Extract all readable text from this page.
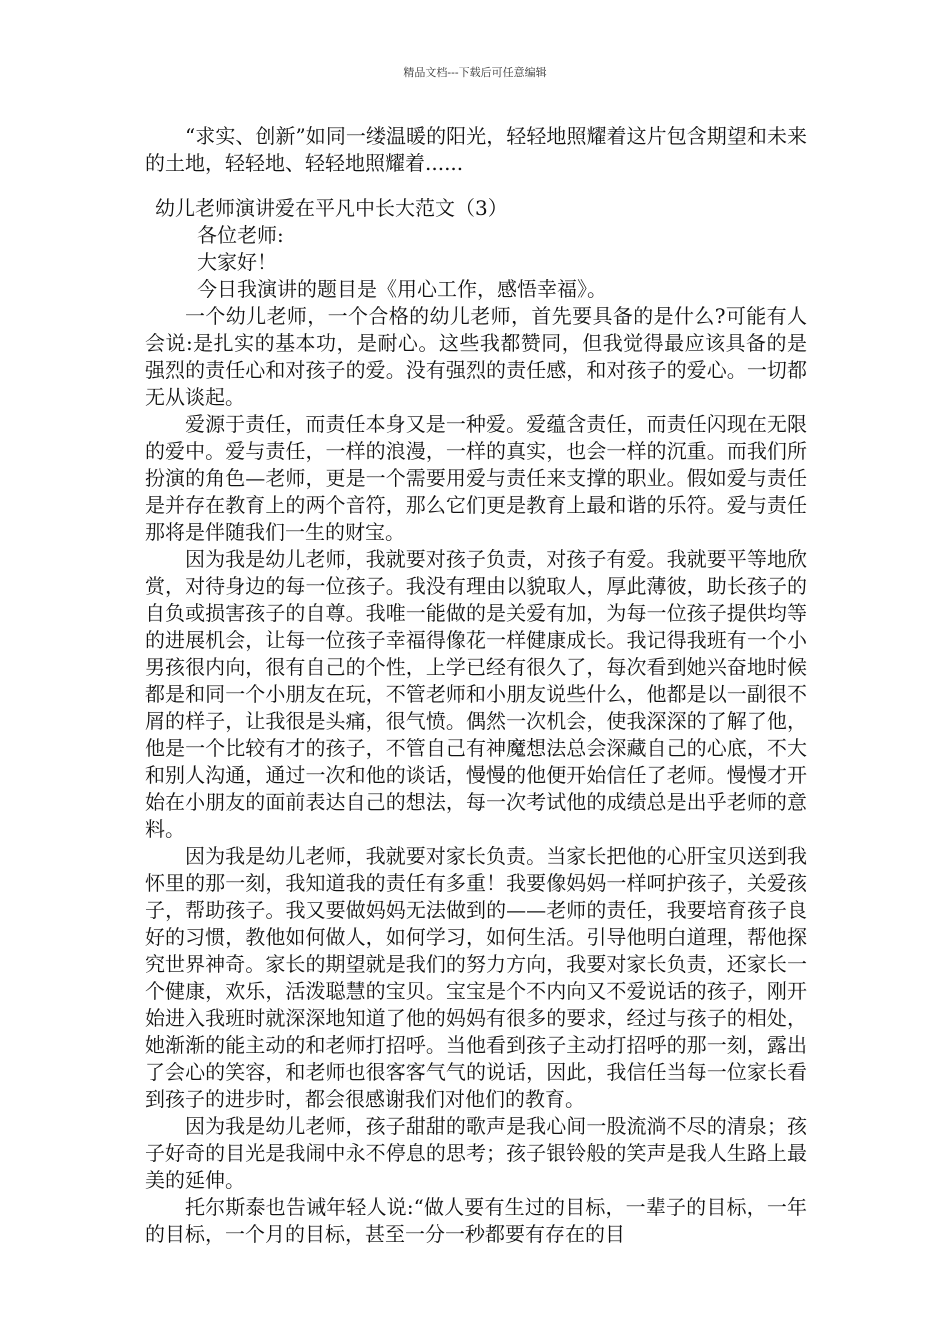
精品文档---下载后可任意编辑

“求实、创新”如同一缕温暖的阳光，轻轻地照耀着这片包含期望和未来的土地，轻轻地、轻轻地照耀着......

幼儿老师演讲爱在平凡中长大范文（3）

各位老师:

大家好！

今日我演讲的题目是《用心工作，感悟幸福》。

一个幼儿老师，一个合格的幼儿老师，首先要具备的是什么?可能有人会说:是扎实的基本功，是耐心。这些我都赞同，但我觉得最应该具备的是强烈的责任心和对孩子的爱。没有强烈的责任感，和对孩子的爱心。一切都无从谈起。

爱源于责任，而责任本身又是一种爱。爱蕴含责任，而责任闪现在无限的爱中。爱与责任，一样的浪漫，一样的真实，也会一样的沉重。而我们所扮演的角色—老师，更是一个需要用爱与责任来支撑的职业。假如爱与责任是并存在教育上的两个音符，那么它们更是教育上最和谐的乐符。爱与责任那将是伴随我们一生的财宝。

因为我是幼儿老师，我就要对孩子负责，对孩子有爱。我就要平等地欣赏，对待身边的每一位孩子。我没有理由以貌取人，厚此薄彼，助长孩子的自负或损害孩子的自尊。我唯一能做的是关爱有加，为每一位孩子提供均等的进展机会，让每一位孩子幸福得像花一样健康成长。我记得我班有一个小男孩很内向，很有自己的个性，上学已经有很久了，每次看到她兴奋地时候都是和同一个小朋友在玩，不管老师和小朋友说些什么，他都是以一副很不屑的样子，让我很是头痛，很气愤。偶然一次机会，使我深深的了解了他，他是一个比较有才的孩子，不管自己有神魔想法总会深藏自己的心底，不大和别人沟通，通过一次和他的谈话，慢慢的他便开始信任了老师。慢慢才开始在小朋友的面前表达自己的想法，每一次考试他的成绩总是出乎老师的意料。

因为我是幼儿老师，我就要对家长负责。当家长把他的心肝宝贝送到我怀里的那一刻，我知道我的责任有多重！我要像妈妈一样呵护孩子，关爱孩子，帮助孩子。我又要做妈妈无法做到的——老师的责任，我要培育孩子良好的习惯，教他如何做人，如何学习，如何生活。引导他明白道理，帮他探究世界神奇。家长的期望就是我们的努力方向，我要对家长负责，还家长一个健康，欢乐，活泼聪慧的宝贝。宝宝是个不内向又不爱说话的孩子，刚开始进入我班时就深深地知道了他的妈妈有很多的要求，经过与孩子的相处，她渐渐的能主动的和老师打招呼。当他看到孩子主动打招呼的那一刻，露出了会心的笑容，和老师也很客客气气的说话，因此，我信任当每一位家长看到孩子的进步时，都会很感谢我们对他们的教育。

因为我是幼儿老师，孩子甜甜的歌声是我心间一股流淌不尽的清泉；孩子好奇的目光是我闹中永不停息的思考；孩子银铃般的笑声是我人生路上最美的延伸。

托尔斯泰也告诫年轻人说:“做人要有生过的目标，一辈子的目标，一年的目标，一个月的目标，甚至一分一秒都要有存在的目
